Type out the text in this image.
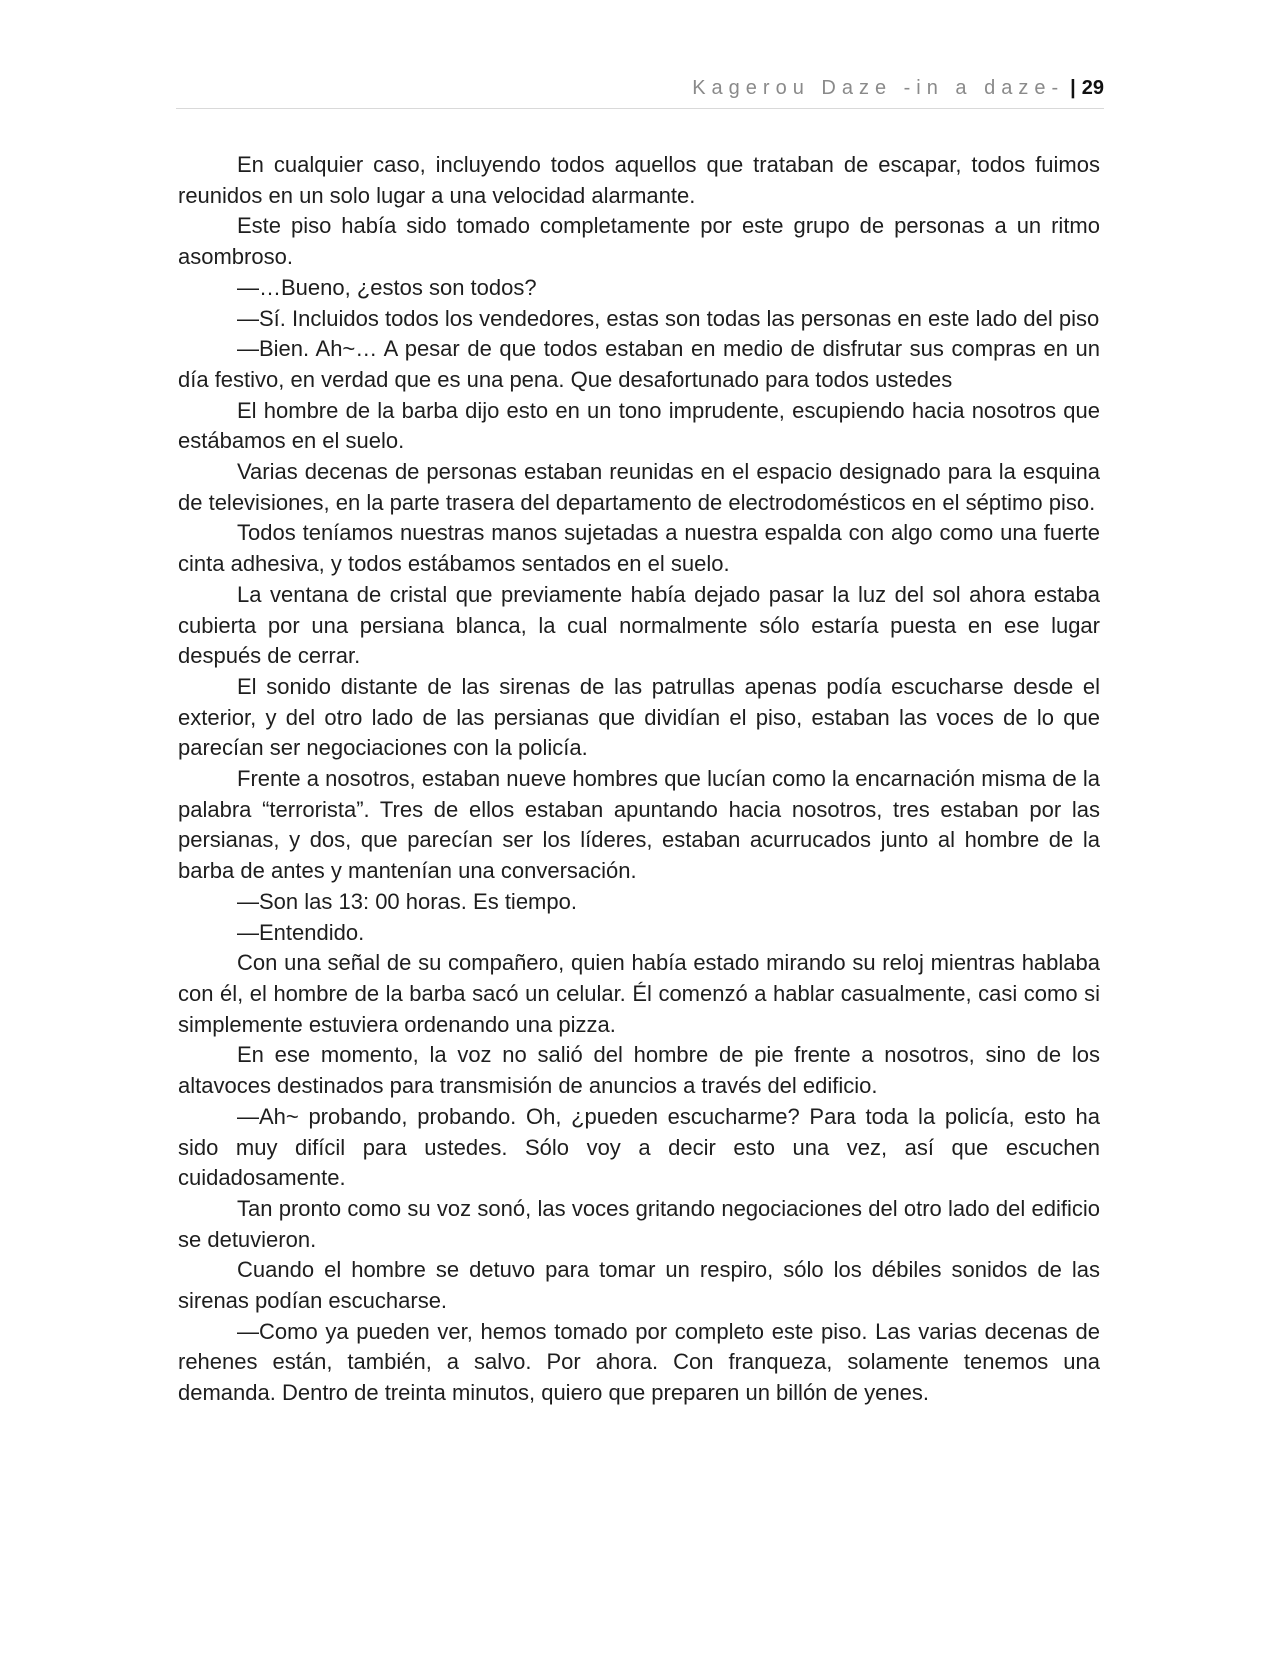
Kagerou Daze -in a daze- | 29

En cualquier caso, incluyendo todos aquellos que trataban de escapar, todos fuimos reunidos en un solo lugar a una velocidad alarmante.

Este piso había sido tomado completamente por este grupo de personas a un ritmo asombroso.

—…Bueno, ¿estos son todos?

—Sí. Incluidos todos los vendedores, estas son todas las personas en este lado del piso

—Bien. Ah~… A pesar de que todos estaban en medio de disfrutar sus compras en un día festivo, en verdad que es una pena. Que desafortunado para todos ustedes

El hombre de la barba dijo esto en un tono imprudente, escupiendo hacia nosotros que estábamos en el suelo.

Varias decenas de personas estaban reunidas en el espacio designado para la esquina de televisiones, en la parte trasera del departamento de electrodomésticos en el séptimo piso.

Todos teníamos nuestras manos sujetadas a nuestra espalda con algo como una fuerte cinta adhesiva, y todos estábamos sentados en el suelo.

La ventana de cristal que previamente había dejado pasar la luz del sol ahora estaba cubierta por una persiana blanca, la cual normalmente sólo estaría puesta en ese lugar después de cerrar.

El sonido distante de las sirenas de las patrullas apenas podía escucharse desde el exterior, y del otro lado de las persianas que dividían el piso, estaban las voces de lo que parecían ser negociaciones con la policía.

Frente a nosotros, estaban nueve hombres que lucían como la encarnación misma de la palabra “terrorista”. Tres de ellos estaban apuntando hacia nosotros, tres estaban por las persianas, y dos, que parecían ser los líderes, estaban acurrucados junto al hombre de la barba de antes y mantenían una conversación.

—Son las 13: 00 horas. Es tiempo.

—Entendido.

Con una señal de su compañero, quien había estado mirando su reloj mientras hablaba con él, el hombre de la barba sacó un celular. Él comenzó a hablar casualmente, casi como si simplemente estuviera ordenando una pizza.

En ese momento, la voz no salió del hombre de pie frente a nosotros, sino de los altavoces destinados para transmisión de anuncios a través del edificio.

—Ah~ probando, probando. Oh, ¿pueden escucharme? Para toda la policía, esto ha sido muy difícil para ustedes. Sólo voy a decir esto una vez, así que escuchen cuidadosamente.

Tan pronto como su voz sonó, las voces gritando negociaciones del otro lado del edificio se detuvieron.

Cuando el hombre se detuvo para tomar un respiro, sólo los débiles sonidos de las sirenas podían escucharse.

—Como ya pueden ver, hemos tomado por completo este piso. Las varias decenas de rehenes están, también, a salvo. Por ahora. Con franqueza, solamente tenemos una demanda. Dentro de treinta minutos, quiero que preparen un billón de yenes.
